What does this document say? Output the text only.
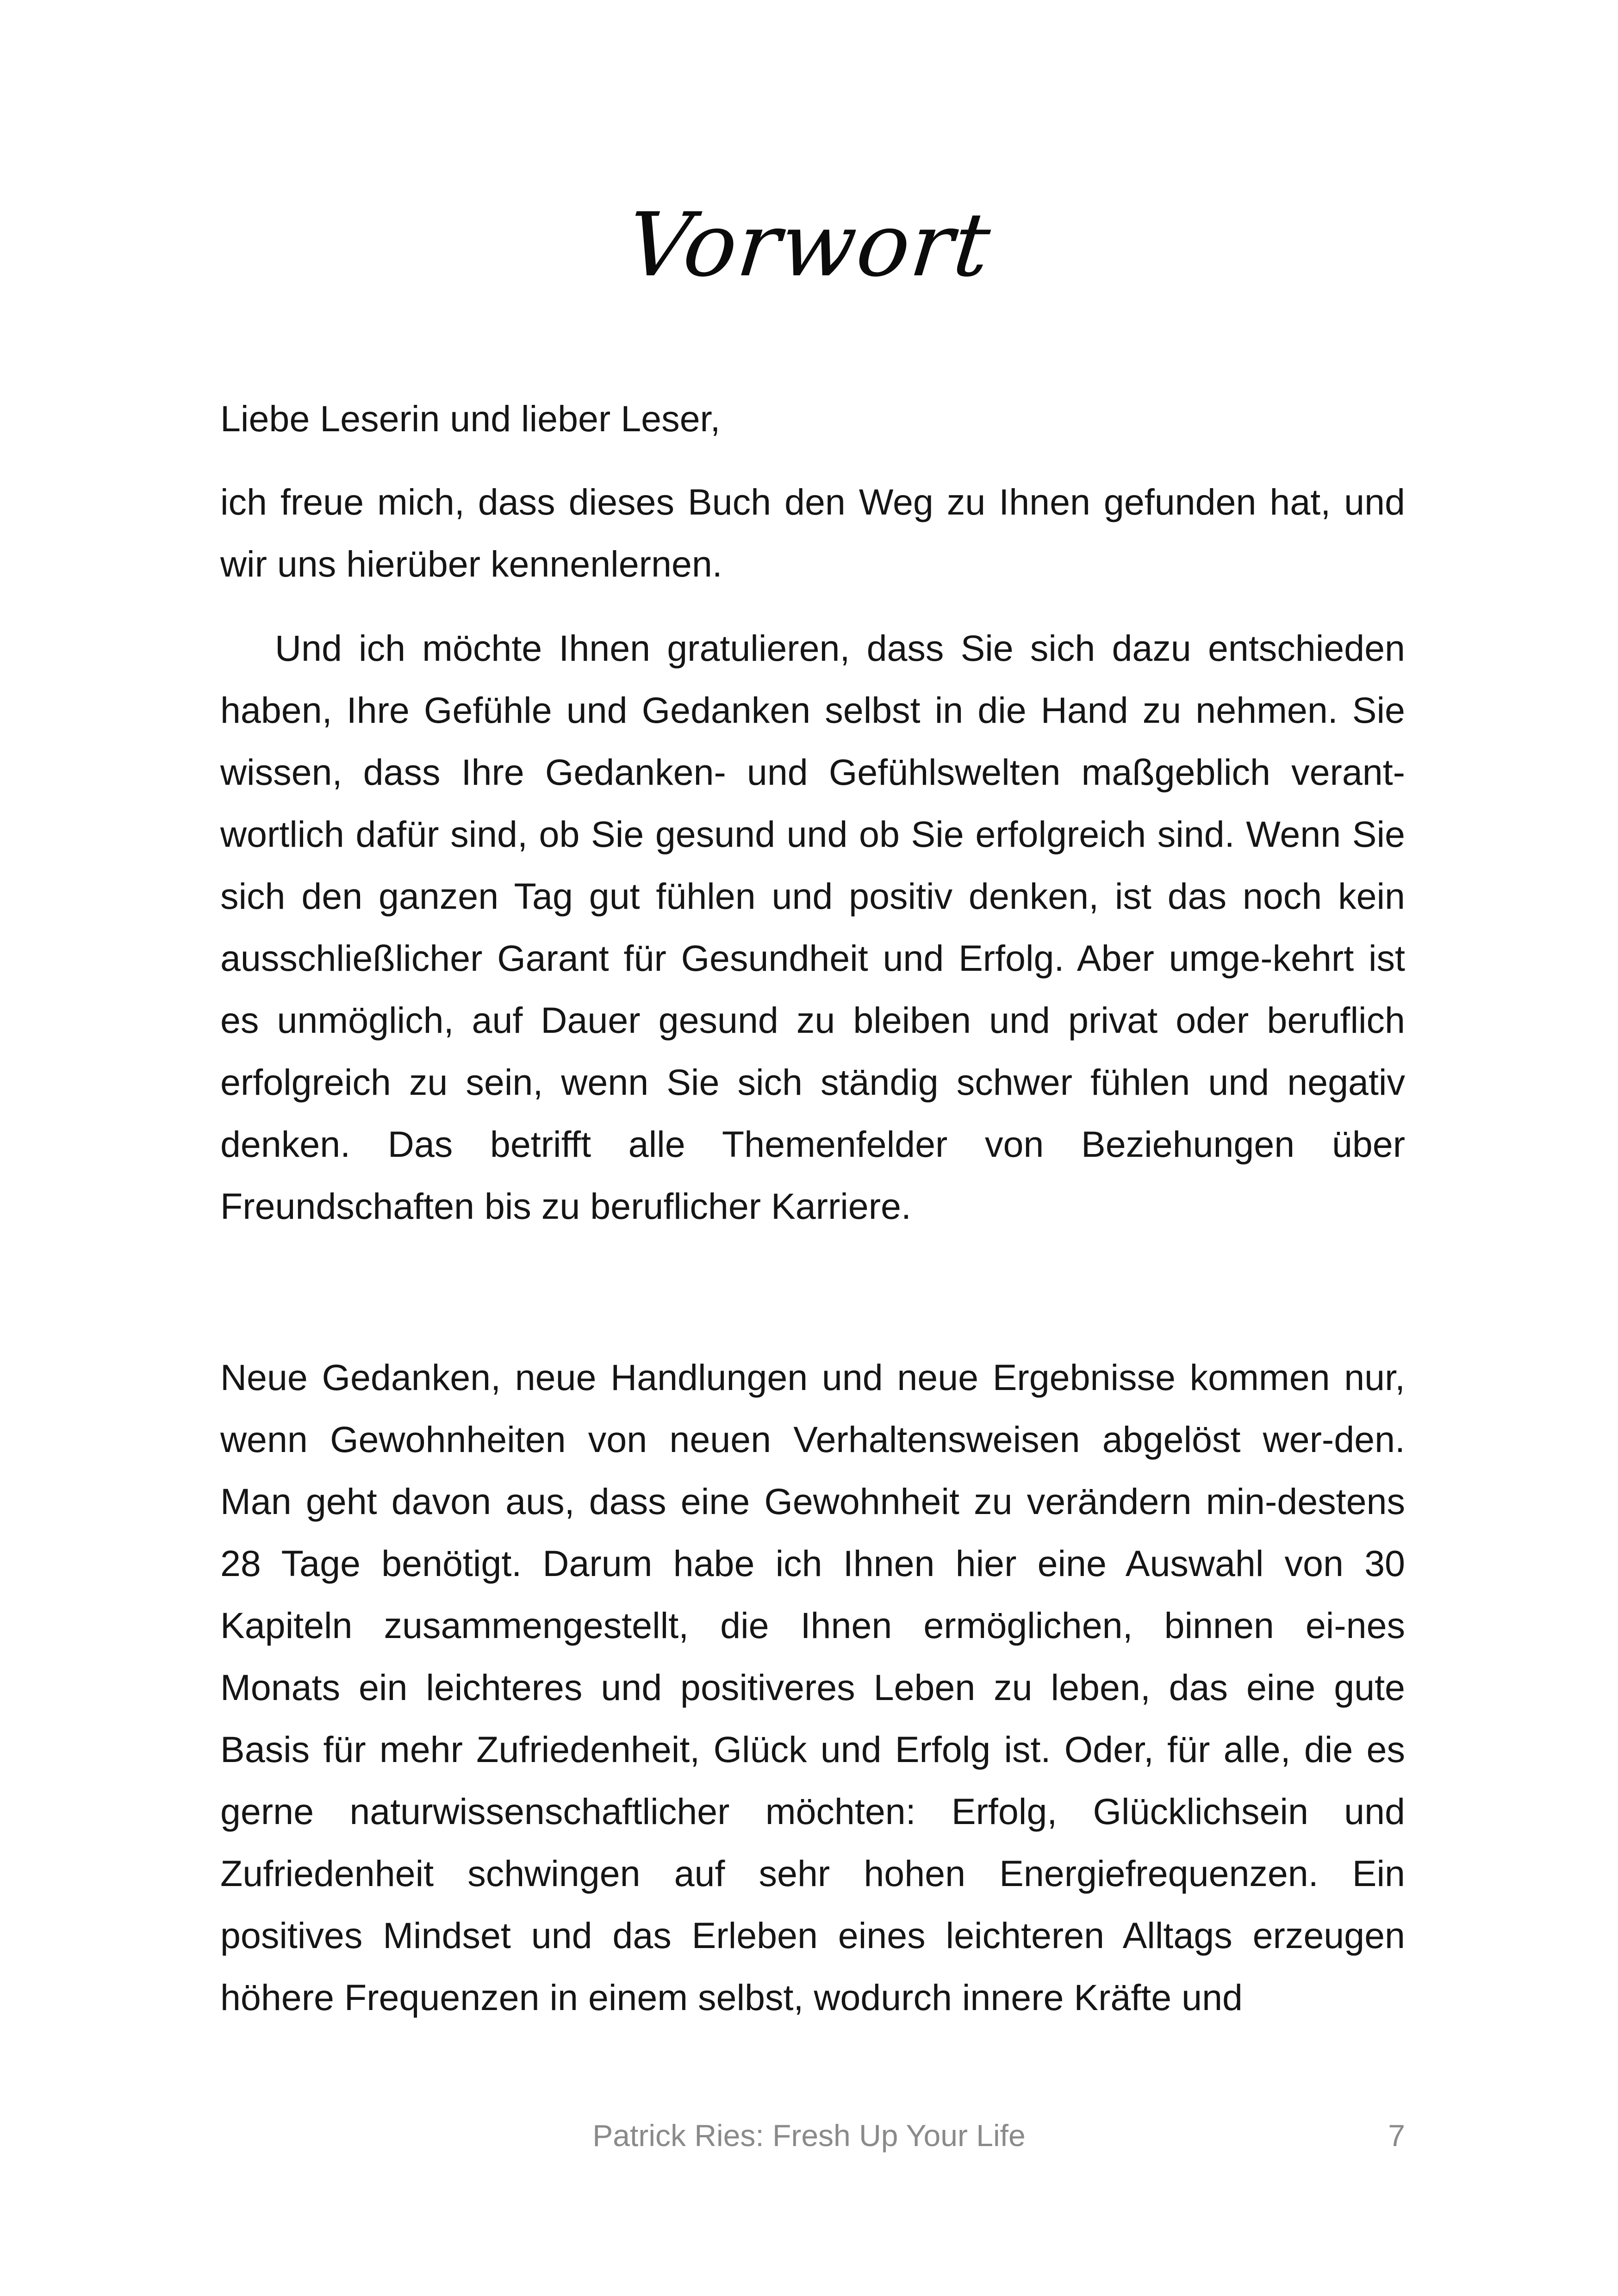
Vorwort

Liebe Leserin und lieber Leser,

ich freue mich, dass dieses Buch den Weg zu Ihnen gefunden hat, und wir uns hierüber kennenlernen.

Und ich möchte Ihnen gratulieren, dass Sie sich dazu entschieden haben, Ihre Gefühle und Gedanken selbst in die Hand zu nehmen. Sie wissen, dass Ihre Gedanken- und Gefühlswelten maßgeblich verant-wortlich dafür sind, ob Sie gesund und ob Sie erfolgreich sind. Wenn Sie sich den ganzen Tag gut fühlen und positiv denken, ist das noch kein ausschließlicher Garant für Gesundheit und Erfolg. Aber umge-kehrt ist es unmöglich, auf Dauer gesund zu bleiben und privat oder beruflich erfolgreich zu sein, wenn Sie sich ständig schwer fühlen und negativ denken. Das betrifft alle Themenfelder von Beziehungen über Freundschaften bis zu beruflicher Karriere.

Neue Gedanken, neue Handlungen und neue Ergebnisse kommen nur, wenn Gewohnheiten von neuen Verhaltensweisen abgelöst wer-den. Man geht davon aus, dass eine Gewohnheit zu verändern min-destens 28 Tage benötigt. Darum habe ich Ihnen hier eine Auswahl von 30 Kapiteln zusammengestellt, die Ihnen ermöglichen, binnen ei-nes Monats ein leichteres und positiveres Leben zu leben, das eine gute Basis für mehr Zufriedenheit, Glück und Erfolg ist. Oder, für alle, die es gerne naturwissenschaftlicher möchten: Erfolg, Glücklichsein und Zufriedenheit schwingen auf sehr hohen Energiefrequenzen. Ein positives Mindset und das Erleben eines leichteren Alltags erzeugen höhere Frequenzen in einem selbst, wodurch innere Kräfte und

Patrick Ries: Fresh Up Your Life	7
